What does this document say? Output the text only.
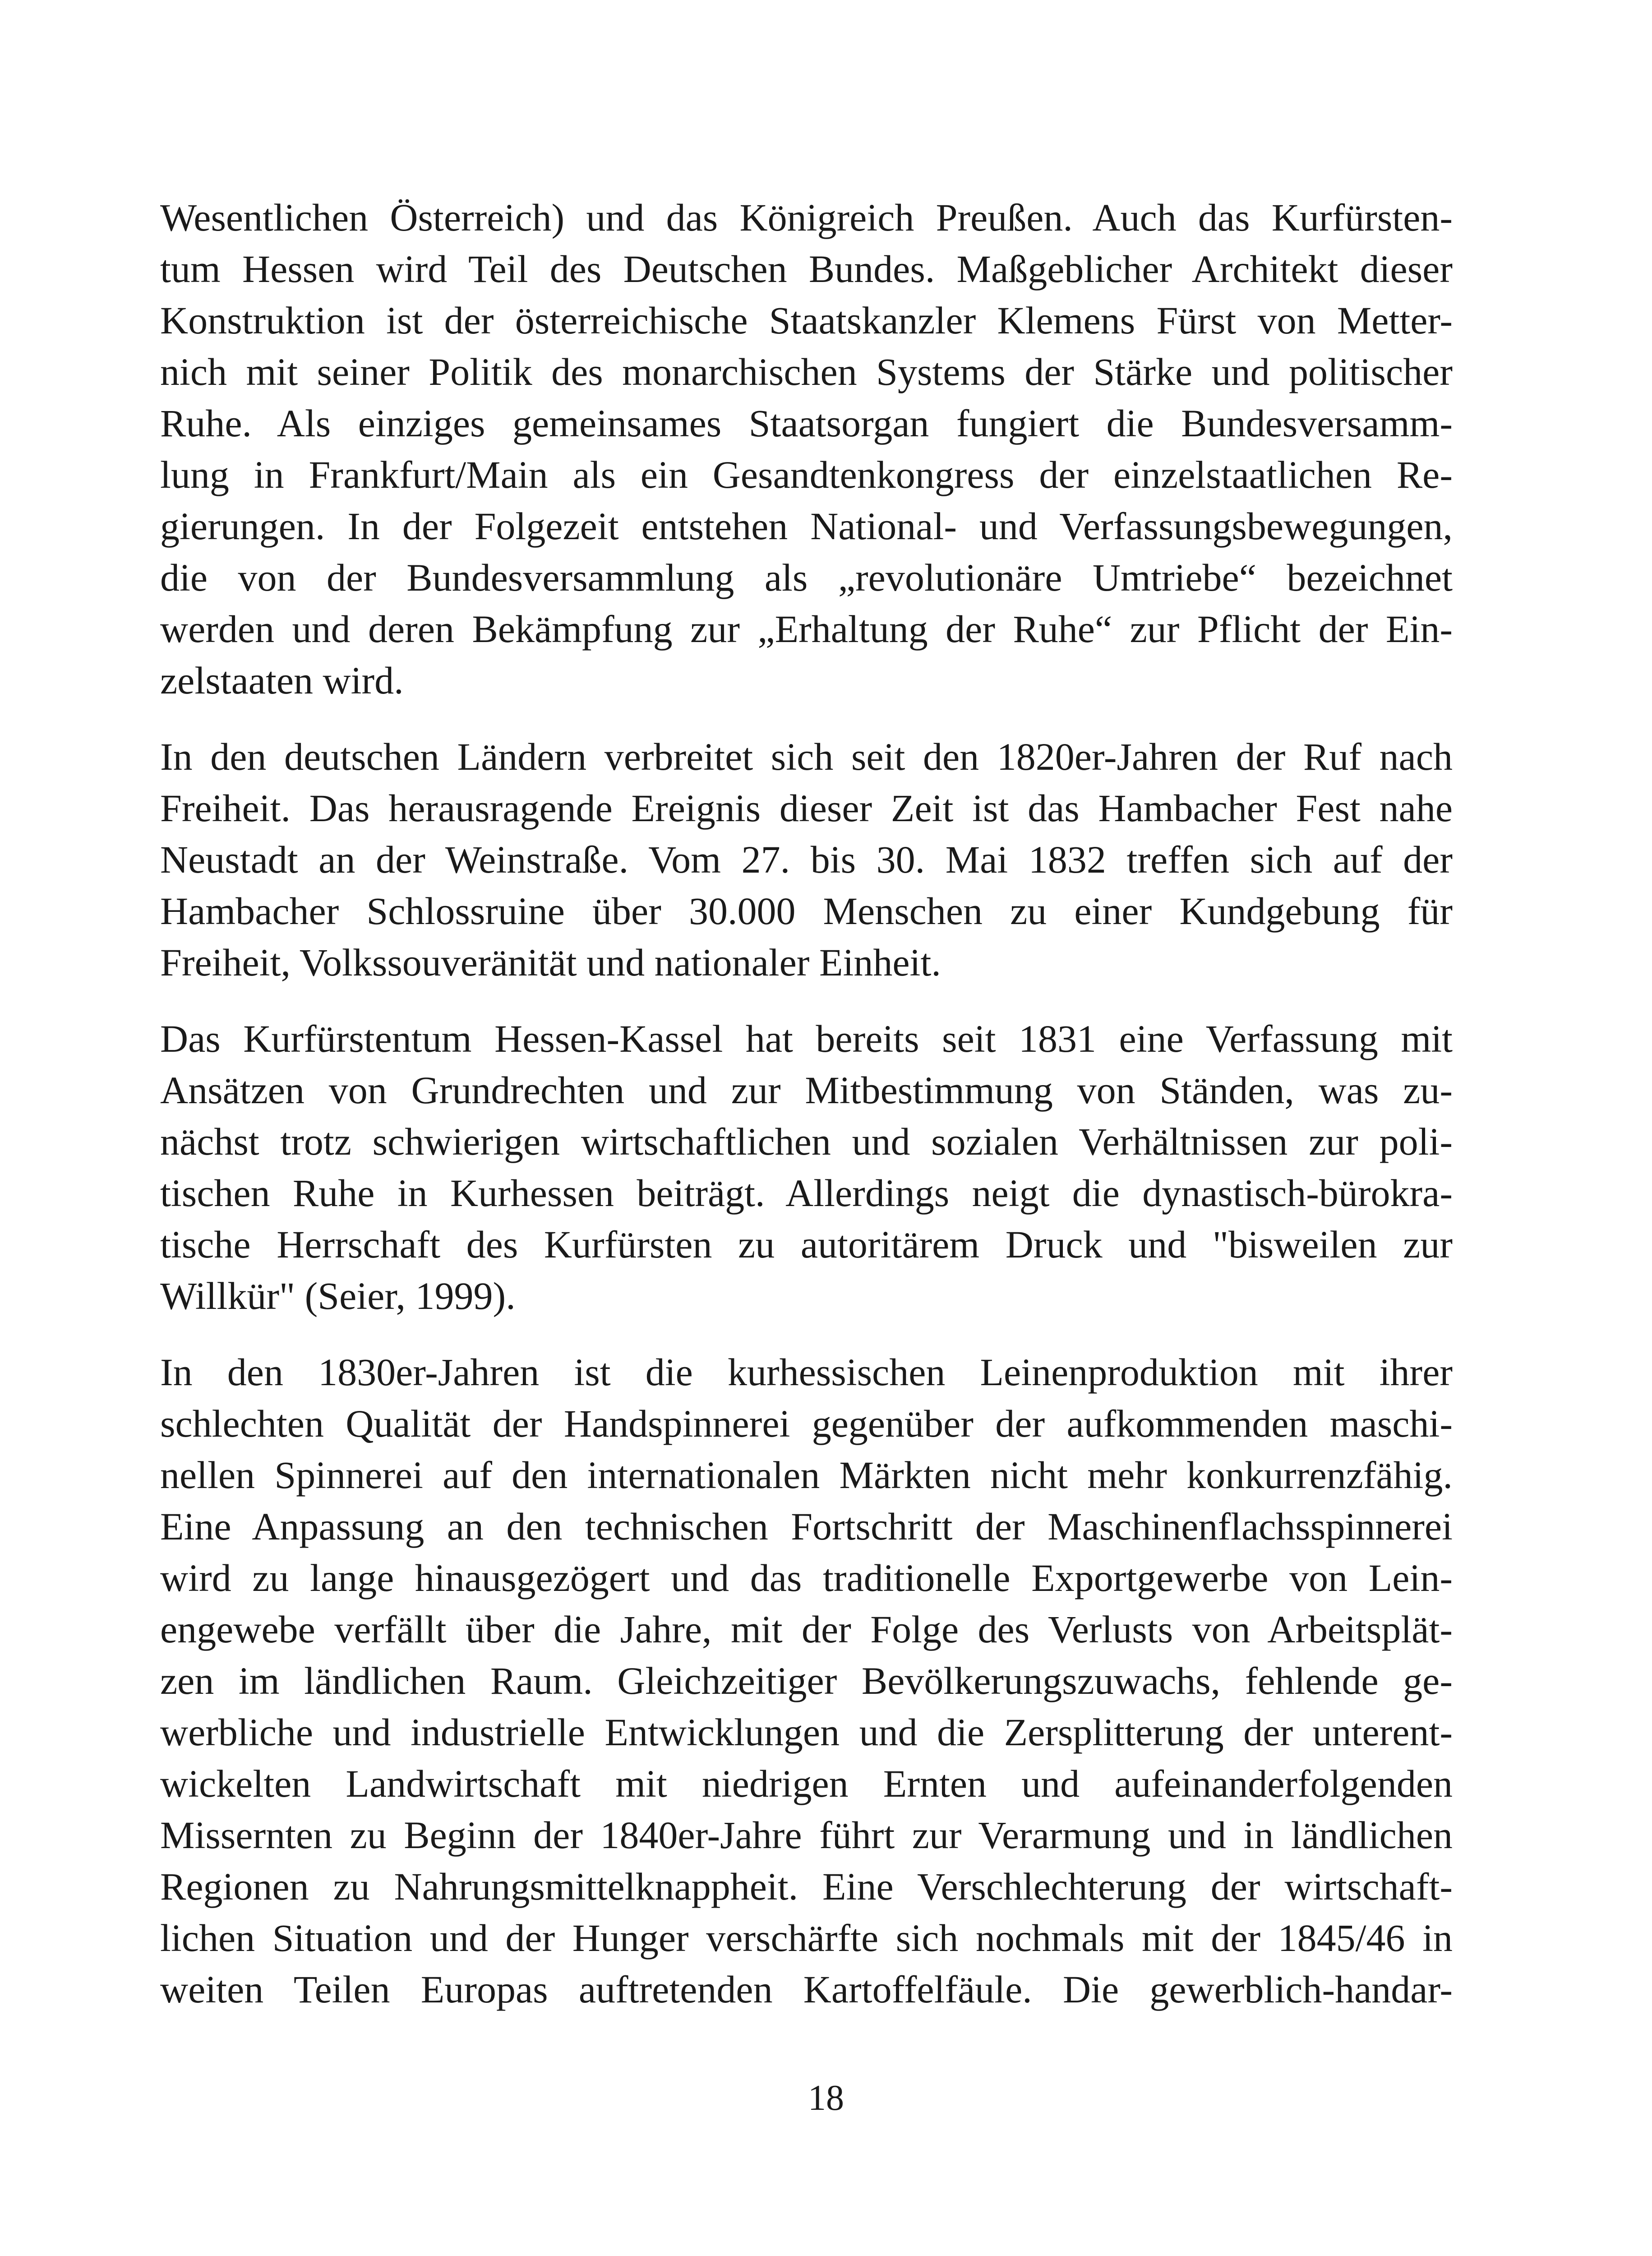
Wesentlichen Österreich) und das Königreich Preußen. Auch das Kurfürsten-
tum Hessen wird Teil des Deutschen Bundes. Maßgeblicher Architekt dieser
Konstruktion ist der österreichische Staatskanzler Klemens Fürst von Metter-
nich mit seiner Politik des monarchischen Systems der Stärke und politischer
Ruhe. Als einziges gemeinsames Staatsorgan fungiert die Bundesversamm-
lung in Frankfurt/Main als ein Gesandtenkongress der einzelstaatlichen Re-
gierungen. In der Folgezeit entstehen National- und Verfassungsbewegungen,
die von der Bundesversammlung als „revolutionäre Umtriebe“ bezeichnet
werden und deren Bekämpfung zur „Erhaltung der Ruhe“ zur Pflicht der Ein-
zelstaaten wird.

In den deutschen Ländern verbreitet sich seit den 1820er-Jahren der Ruf nach
Freiheit. Das herausragende Ereignis dieser Zeit ist das Hambacher Fest nahe
Neustadt an der Weinstraße. Vom 27. bis 30. Mai 1832 treffen sich auf der
Hambacher Schlossruine über 30.000 Menschen zu einer Kundgebung für
Freiheit, Volkssouveränität und nationaler Einheit.

Das Kurfürstentum Hessen-Kassel hat bereits seit 1831 eine Verfassung mit
Ansätzen von Grundrechten und zur Mitbestimmung von Ständen, was zu-
nächst trotz schwierigen wirtschaftlichen und sozialen Verhältnissen zur poli-
tischen Ruhe in Kurhessen beiträgt. Allerdings neigt die dynastisch-bürokra-
tische Herrschaft des Kurfürsten zu autoritärem Druck und "bisweilen zur
Willkür" (Seier, 1999).

In den 1830er-Jahren ist die kurhessischen Leinenproduktion mit ihrer
schlechten Qualität der Handspinnerei gegenüber der aufkommenden maschi-
nellen Spinnerei auf den internationalen Märkten nicht mehr konkurrenzfähig.
Eine Anpassung an den technischen Fortschritt der Maschinenflachsspinnerei
wird zu lange hinausgezögert und das traditionelle Exportgewerbe von Lein-
engewebe verfällt über die Jahre, mit der Folge des Verlusts von Arbeitsplät-
zen im ländlichen Raum. Gleichzeitiger Bevölkerungszuwachs, fehlende ge-
werbliche und industrielle Entwicklungen und die Zersplitterung der unterent-
wickelten Landwirtschaft mit niedrigen Ernten und aufeinanderfolgenden
Missernten zu Beginn der 1840er-Jahre führt zur Verarmung und in ländlichen
Regionen zu Nahrungsmittelknappheit. Eine Verschlechterung der wirtschaft-
lichen Situation und der Hunger verschärfte sich nochmals mit der 1845/46 in
weiten Teilen Europas auftretenden Kartoffelfäule. Die gewerblich-handar-

18
